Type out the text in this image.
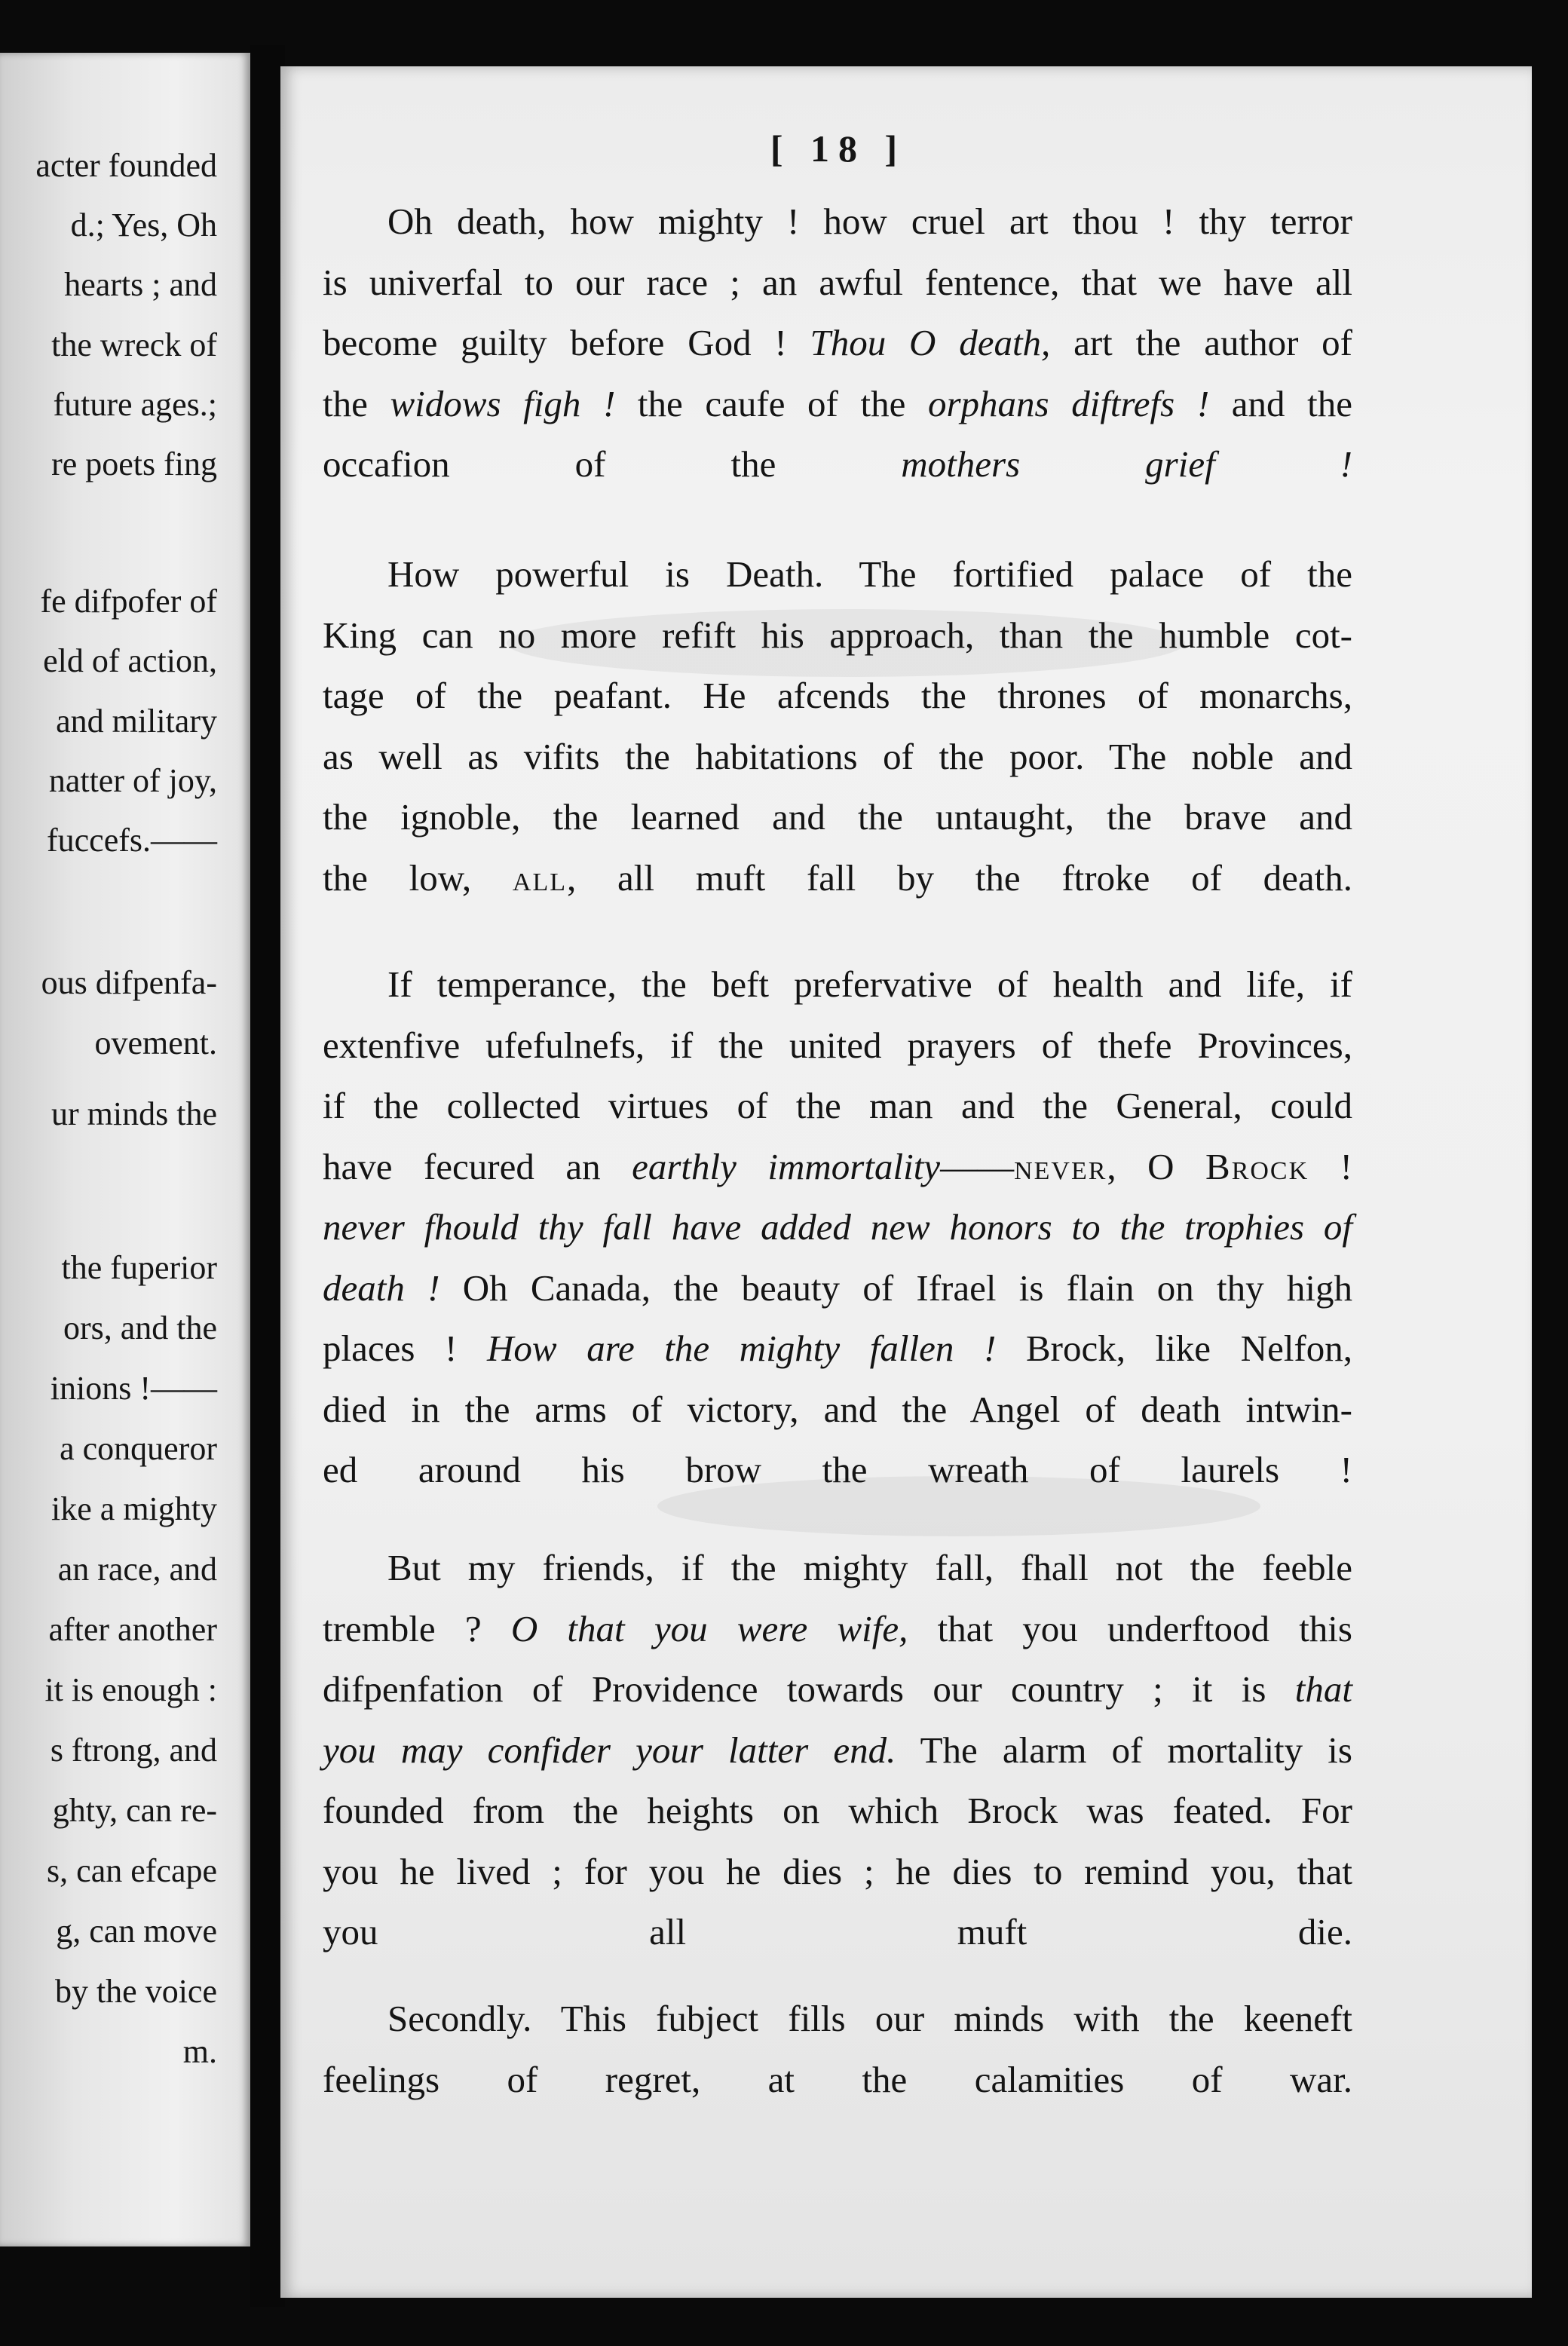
acter founded
d.; Yes, Oh
hearts ; and
the wreck of
future ages.;
re poets fing
fe difpofer of
eld of action,
and military
natter of joy,
fuccefs.——
ous difpenfa-
ovement.
ur minds the
the fuperior
ors, and the
inions !——
a conqueror
ike a mighty
an race, and
after another
it is enough :
s ftrong, and
ghty, can re-
s, can efcape
g, can move
by the voice
m.
[ 18 ]
Oh death, how mighty ! how cruel art thou ! thy terror
is univerfal to our race ; an awful fentence, that we have all
become guilty before God ! Thou O death, art the author of
the widows figh ! the caufe of the orphans diftrefs ! and the
occafion of the mothers grief !
How powerful is Death. The fortified palace of the
King can no more refift his approach, than the humble cot-
tage of the peafant. He afcends the thrones of monarchs,
as well as vifits the habitations of the poor. The noble and
the ignoble, the learned and the untaught, the brave and
the low, all, all muft fall by the ftroke of death.
If temperance, the beft prefervative of health and life, if
extenfive ufefulnefs, if the united prayers of thefe Provinces,
if the collected virtues of the man and the General, could
have fecured an earthly immortality——never, O Brock !
never fhould thy fall have added new honors to the trophies of
death ! Oh Canada, the beauty of Ifrael is flain on thy high
places ! How are the mighty fallen ! Brock, like Nelfon,
died in the arms of victory, and the Angel of death intwin-
ed around his brow the wreath of laurels !
But my friends, if the mighty fall, fhall not the feeble
tremble ? O that you were wife, that you underftood this
difpenfation of Providence towards our country ; it is that
you may confider your latter end. The alarm of mortality is
founded from the heights on which Brock was feated. For
you he lived ; for you he dies ; he dies to remind you, that
you all muft die.
Secondly. This fubject fills our minds with the keeneft
feelings of regret, at the calamities of war.
